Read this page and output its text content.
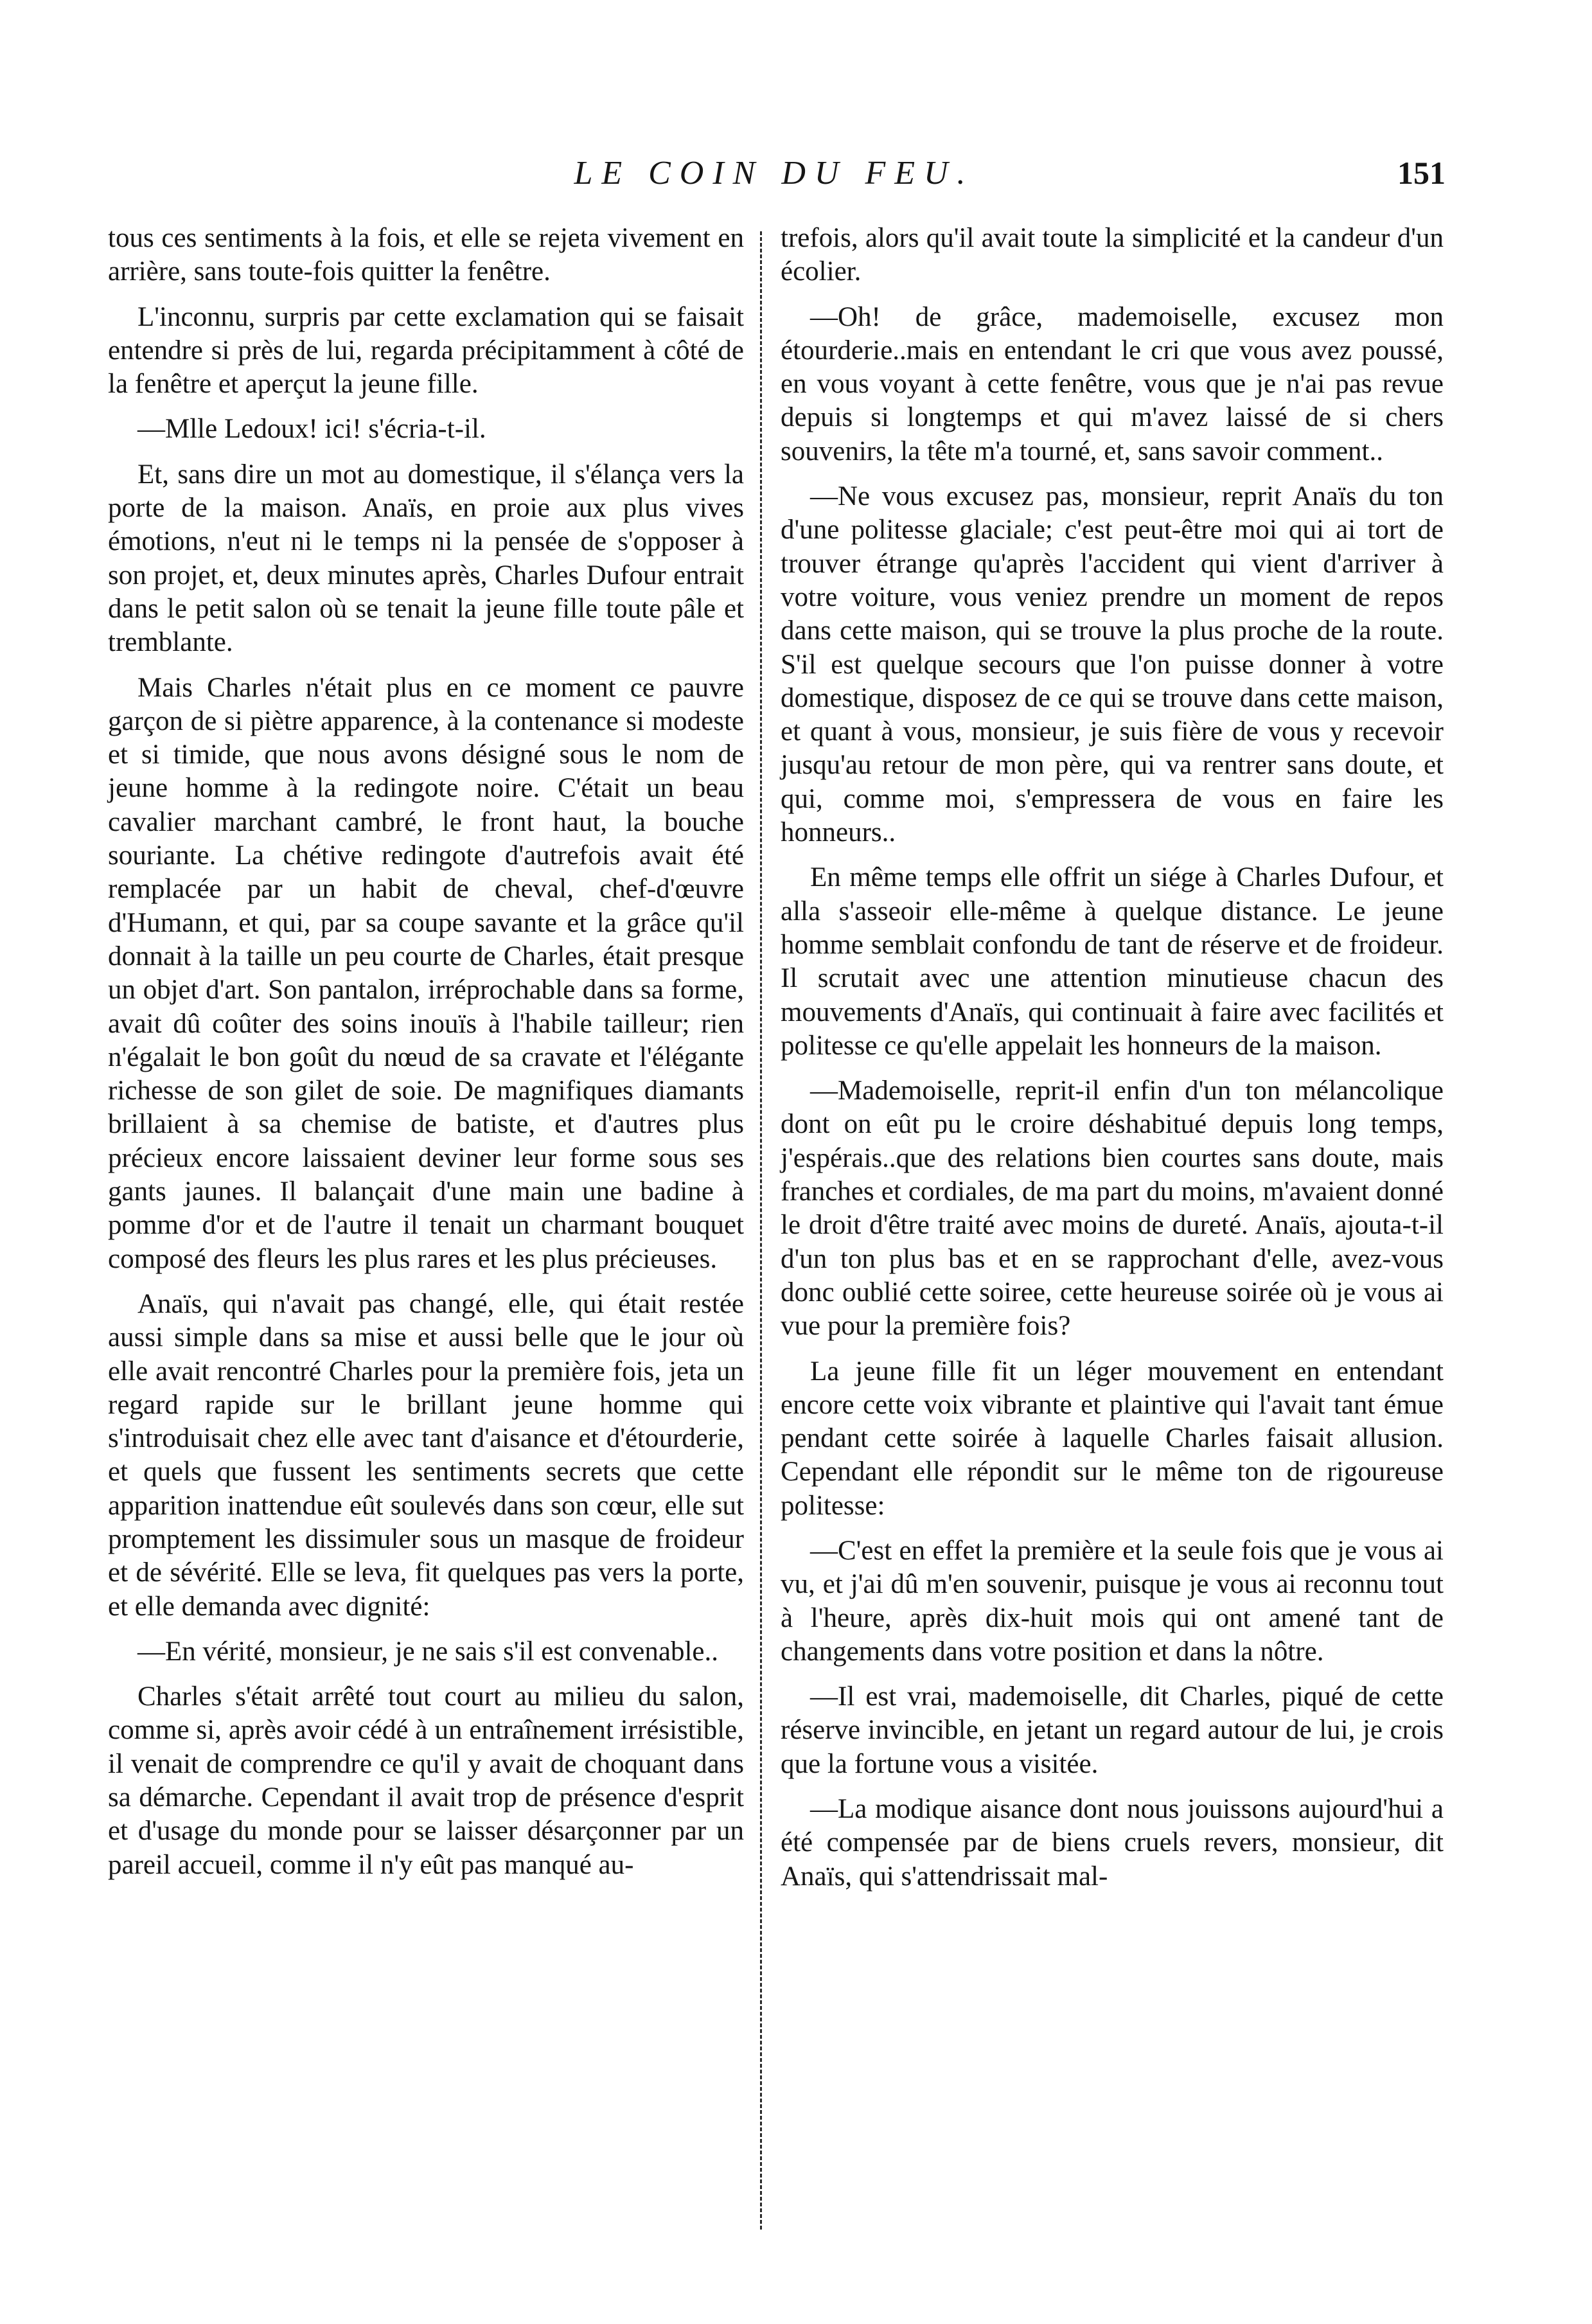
LE COIN DU FEU.	151

tous ces sentiments à la fois, et elle se rejeta vivement en arrière, sans toute-fois quitter la fenêtre.

L'inconnu, surpris par cette exclamation qui se faisait entendre si près de lui, regarda précipitamment à côté de la fenêtre et aperçut la jeune fille.

—Mlle Ledoux! ici! s'écria-t-il.

Et, sans dire un mot au domestique, il s'élança vers la porte de la maison. Anaïs, en proie aux plus vives émotions, n'eut ni le temps ni la pensée de s'opposer à son projet, et, deux minutes après, Charles Dufour entrait dans le petit salon où se tenait la jeune fille toute pâle et tremblante.

Mais Charles n'était plus en ce moment ce pauvre garçon de si piètre apparence, à la contenance si modeste et si timide, que nous avons désigné sous le nom de jeune homme à la redingote noire. C'était un beau cavalier marchant cambré, le front haut, la bouche souriante. La chétive redingote d'autrefois avait été remplacée par un habit de cheval, chef-d'œuvre d'Humann, et qui, par sa coupe savante et la grâce qu'il donnait à la taille un peu courte de Charles, était presque un objet d'art. Son pantalon, irréprochable dans sa forme, avait dû coûter des soins inouïs à l'habile tailleur; rien n'égalait le bon goût du nœud de sa cravate et l'élégante richesse de son gilet de soie. De magnifiques diamants brillaient à sa chemise de batiste, et d'autres plus précieux encore laissaient deviner leur forme sous ses gants jaunes. Il balançait d'une main une badine à pomme d'or et de l'autre il tenait un charmant bouquet composé des fleurs les plus rares et les plus précieuses.

Anaïs, qui n'avait pas changé, elle, qui était restée aussi simple dans sa mise et aussi belle que le jour où elle avait rencontré Charles pour la première fois, jeta un regard rapide sur le brillant jeune homme qui s'introduisait chez elle avec tant d'aisance et d'étourderie, et quels que fussent les sentiments secrets que cette apparition inattendue eût soulevés dans son cœur, elle sut promptement les dissimuler sous un masque de froideur et de sévérité. Elle se leva, fit quelques pas vers la porte, et elle demanda avec dignité:

—En vérité, monsieur, je ne sais s'il est convenable..

Charles s'était arrêté tout court au milieu du salon, comme si, après avoir cédé à un entraînement irrésistible, il venait de comprendre ce qu'il y avait de choquant dans sa démarche. Cependant il avait trop de présence d'esprit et d'usage du monde pour se laisser désarçonner par un pareil accueil, comme il n'y eût pas manqué au-

trefois, alors qu'il avait toute la simplicité et la candeur d'un écolier.

—Oh! de grâce, mademoiselle, excusez mon étourderie..mais en entendant le cri que vous avez poussé, en vous voyant à cette fenêtre, vous que je n'ai pas revue depuis si longtemps et qui m'avez laissé de si chers souvenirs, la tête m'a tourné, et, sans savoir comment..

—Ne vous excusez pas, monsieur, reprit Anaïs du ton d'une politesse glaciale; c'est peut-être moi qui ai tort de trouver étrange qu'après l'accident qui vient d'arriver à votre voiture, vous veniez prendre un moment de repos dans cette maison, qui se trouve la plus proche de la route. S'il est quelque secours que l'on puisse donner à votre domestique, disposez de ce qui se trouve dans cette maison, et quant à vous, monsieur, je suis fière de vous y recevoir jusqu'au retour de mon père, qui va rentrer sans doute, et qui, comme moi, s'empressera de vous en faire les honneurs..

En même temps elle offrit un siége à Charles Dufour, et alla s'asseoir elle-même à quelque distance. Le jeune homme semblait confondu de tant de réserve et de froideur. Il scrutait avec une attention minutieuse chacun des mouvements d'Anaïs, qui continuait à faire avec facilités et politesse ce qu'elle appelait les honneurs de la maison.

—Mademoiselle, reprit-il enfin d'un ton mélancolique dont on eût pu le croire déshabitué depuis long temps, j'espérais..que des relations bien courtes sans doute, mais franches et cordiales, de ma part du moins, m'avaient donné le droit d'être traité avec moins de dureté. Anaïs, ajouta-t-il d'un ton plus bas et en se rapprochant d'elle, avez-vous donc oublié cette soiree, cette heureuse soirée où je vous ai vue pour la première fois?

La jeune fille fit un léger mouvement en entendant encore cette voix vibrante et plaintive qui l'avait tant émue pendant cette soirée à laquelle Charles faisait allusion. Cependant elle répondit sur le même ton de rigoureuse politesse:

—C'est en effet la première et la seule fois que je vous ai vu, et j'ai dû m'en souvenir, puisque je vous ai reconnu tout à l'heure, après dix-huit mois qui ont amené tant de changements dans votre position et dans la nôtre.

—Il est vrai, mademoiselle, dit Charles, piqué de cette réserve invincible, en jetant un regard autour de lui, je crois que la fortune vous a visitée.

—La modique aisance dont nous jouissons aujourd'hui a été compensée par de biens cruels revers, monsieur, dit Anaïs, qui s'attendrissait mal-
